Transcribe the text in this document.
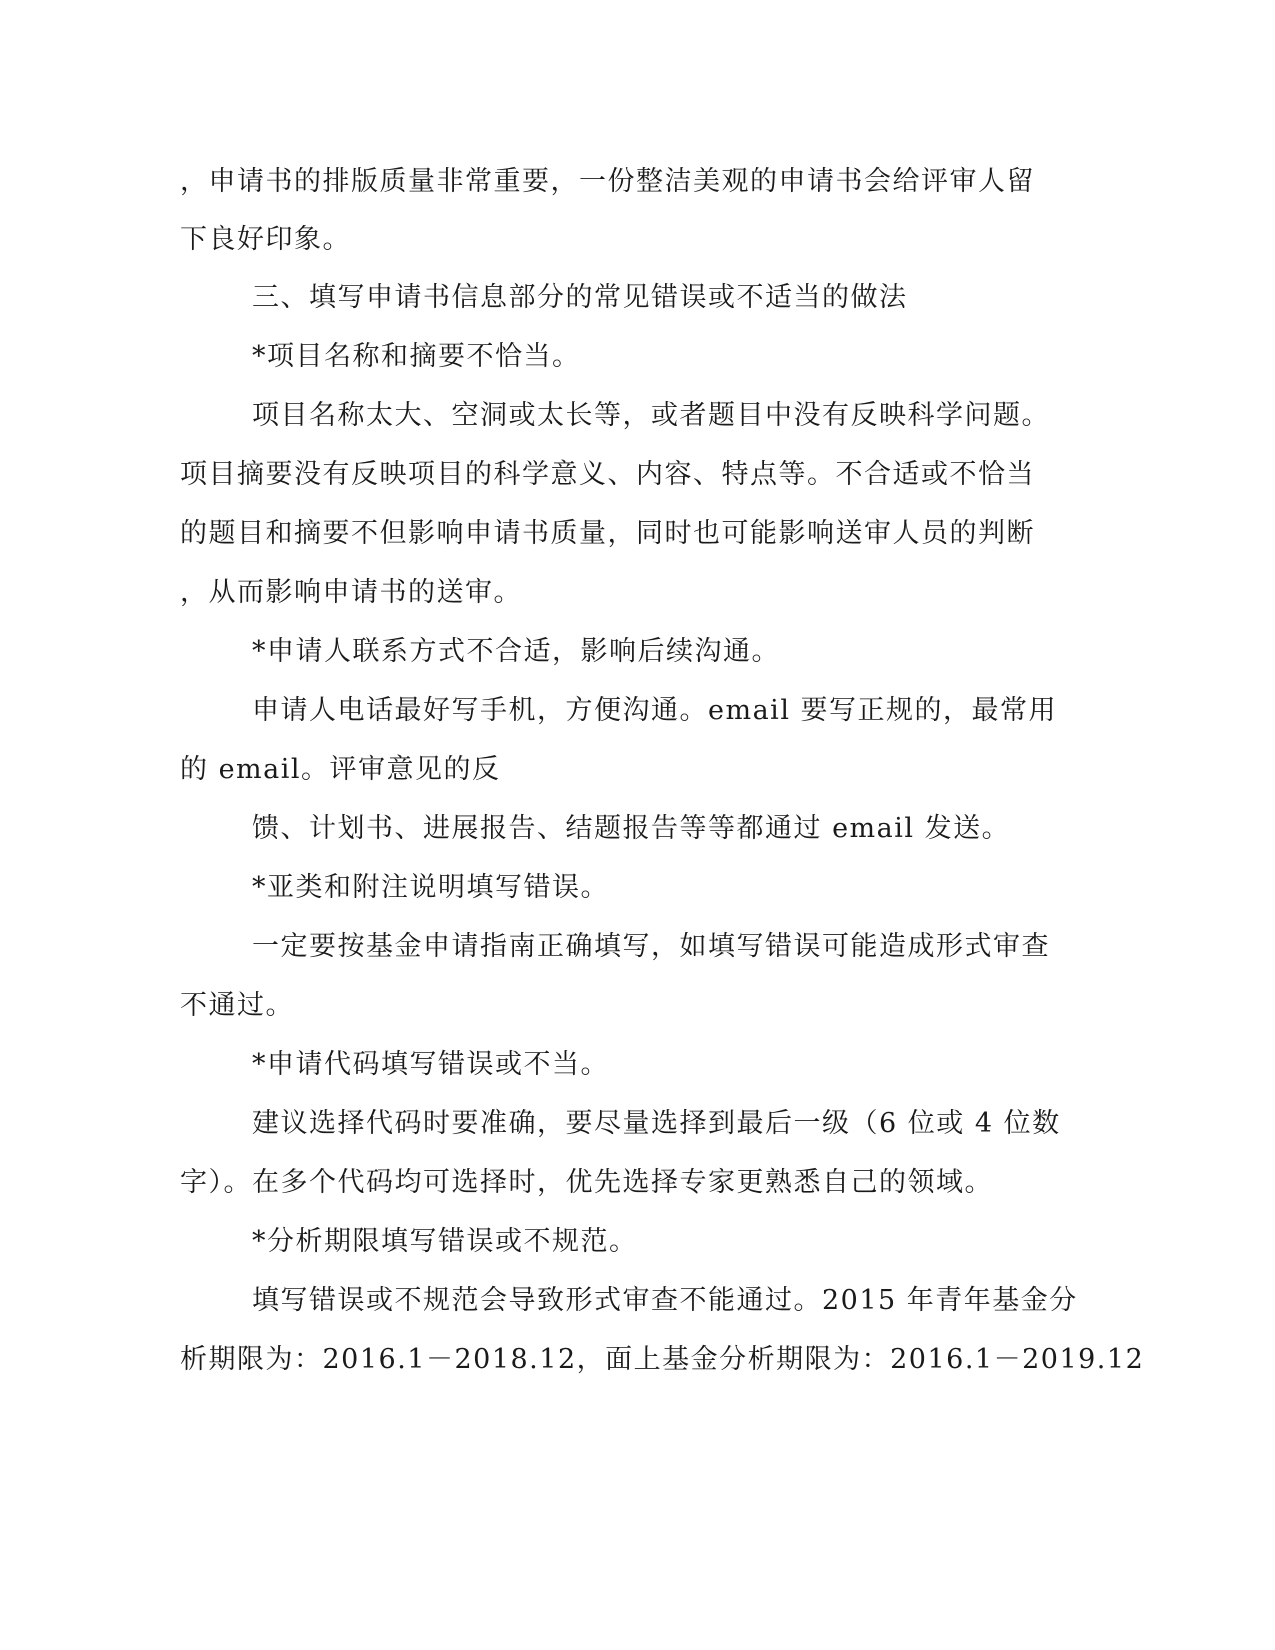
，申请书的排版质量非常重要，一份整洁美观的申请书会给评审人留
下良好印象。
三、填写申请书信息部分的常见错误或不适当的做法
*项目名称和摘要不恰当。
项目名称太大、空洞或太长等，或者题目中没有反映科学问题。
项目摘要没有反映项目的科学意义、内容、特点等。不合适或不恰当
的题目和摘要不但影响申请书质量，同时也可能影响送审人员的判断
，从而影响申请书的送审。
*申请人联系方式不合适，影响后续沟通。
申请人电话最好写手机，方便沟通。email 要写正规的，最常用
的 email。评审意见的反
馈、计划书、进展报告、结题报告等等都通过 email 发送。
*亚类和附注说明填写错误。
一定要按基金申请指南正确填写，如填写错误可能造成形式审查
不通过。
*申请代码填写错误或不当。
建议选择代码时要准确，要尽量选择到最后一级（6 位或 4 位数
字）。在多个代码均可选择时，优先选择专家更熟悉自己的领域。
*分析期限填写错误或不规范。
填写错误或不规范会导致形式审查不能通过。2015 年青年基金分
析期限为：2016.1－2018.12，面上基金分析期限为：2016.1－2019.12
